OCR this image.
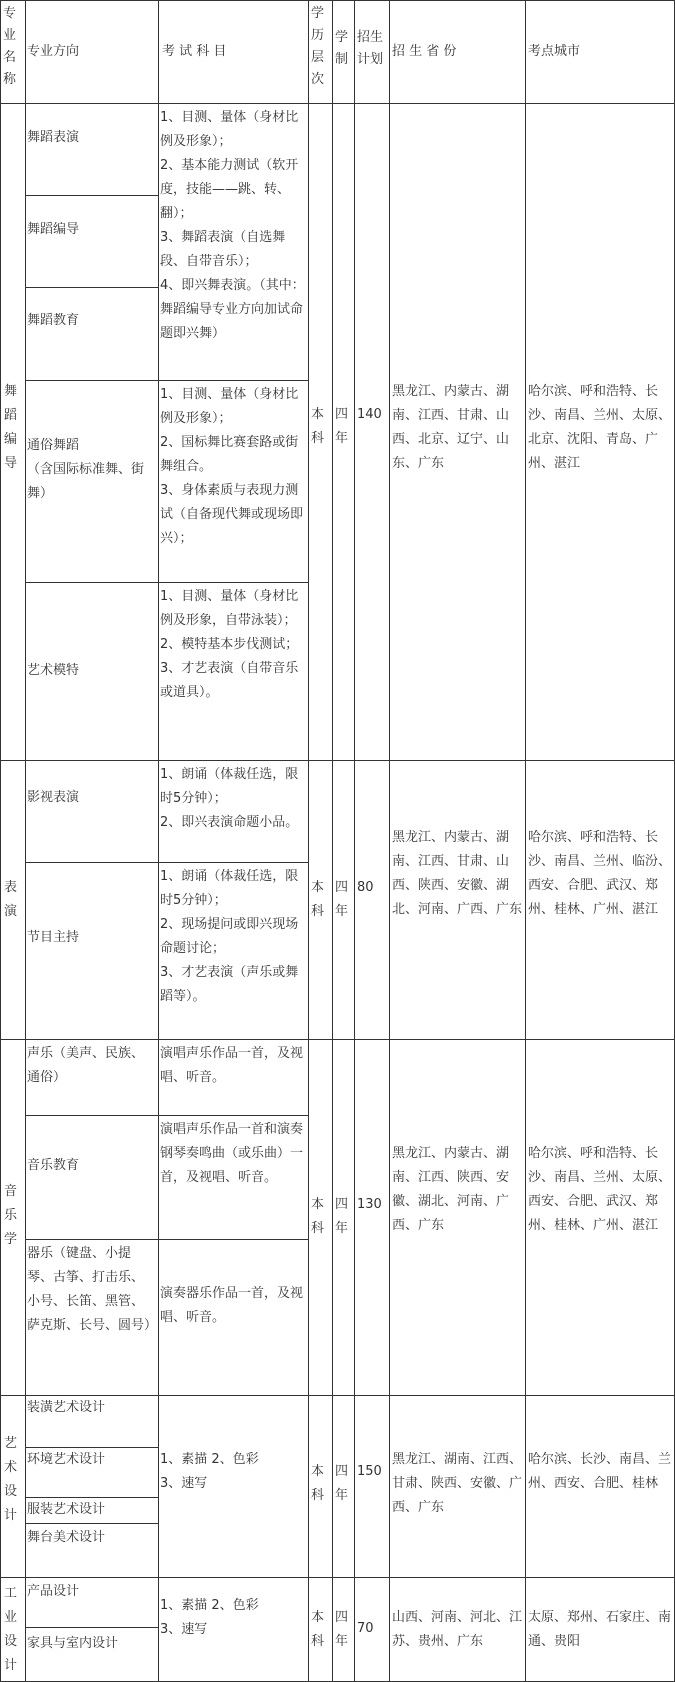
专
业
名
称
专业方向	考 试 科 目
学
历
层
次
学
制
招生
计划
招 生 省 份	考点城市
舞
蹈
编
导
舞蹈表演
舞蹈编导
舞蹈教育
通俗舞蹈
（含国际标准舞、街舞）
艺术模特
1、目测、量体（身材比例及形象）；
2、基本能力测试（软开度，技能——跳、转、翻）；
3、舞蹈表演（自选舞段、自带音乐）；
4、即兴舞表演。（其中：舞蹈编导专业方向加试命题即兴舞）
1、目测、量体（身材比例及形象）；
2、国标舞比赛套路或街舞组合。
3、身体素质与表现力测试（自备现代舞或现场即兴）；
1、目测、量体（身材比例及形象，自带泳装）；
2、模特基本步伐测试；
3、才艺表演（自带音乐或道具）。
本
科
四
年
140
黑龙江、内蒙古、湖南、江西、甘肃、山西、北京、辽宁、山东、广东
哈尔滨、呼和浩特、长沙、南昌、兰州、太原、北京、沈阳、青岛、广州、湛江
表
演
影视表演
节目主持
1、朗诵（体裁任选，限时5分钟）；
2、即兴表演命题小品。
1、朗诵（体裁任选，限时5分钟）；
2、现场提问或即兴现场命题讨论；
3、才艺表演（声乐或舞蹈等）。
本
科
四
年
80
黑龙江、内蒙古、湖南、江西、甘肃、山西、陕西、安徽、湖北、河南、广西、广东
哈尔滨、呼和浩特、长沙、南昌、兰州、临汾、西安、合肥、武汉、郑州、桂林、广州、湛江
音
乐
学
声乐（美声、民族、通俗）
音乐教育
器乐（键盘、小提琴、古筝、打击乐、小号、长笛、黑管、萨克斯、长号、圆号）
演唱声乐作品一首，及视唱、听音。
演唱声乐作品一首和演奏钢琴奏鸣曲（或乐曲）一首，及视唱、听音。
演奏器乐作品一首，及视唱、听音。
本
科
四
年
130
黑龙江、内蒙古、湖南、江西、陕西、安徽、湖北、河南、广西、广东
哈尔滨、呼和浩特、长沙、南昌、兰州、太原、西安、合肥、武汉、郑州、桂林、广州、湛江
艺
术
设
计
装潢艺术设计
环境艺术设计
服装艺术设计
舞台美术设计
1、素描 2、色彩
3、速写
本
科
四
年
150
黑龙江、湖南、江西、甘肃、陕西、安徽、广西、广东
哈尔滨、长沙、南昌、兰州、西安、合肥、桂林
工
业
设
计
产品设计
家具与室内设计
1、素描 2、色彩
3、速写
本
科
四
年
70
山西、河南、河北、江苏、贵州、广东
太原、郑州、石家庄、南通、贵阳
